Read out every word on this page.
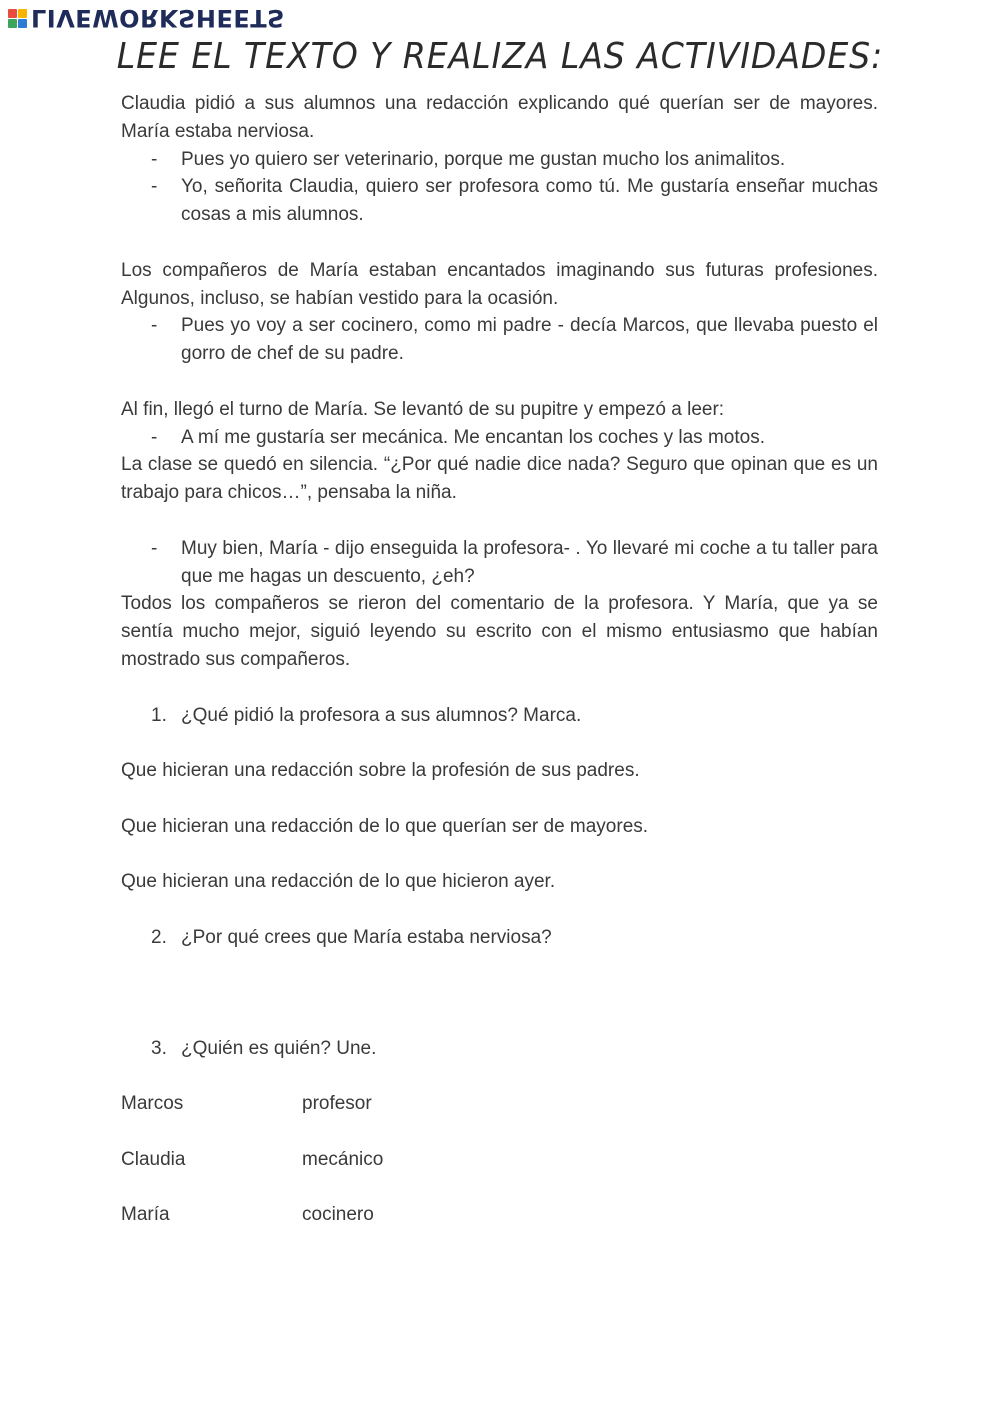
LIVEWORKSHEETS
LEE EL TEXTO Y REALIZA LAS ACTIVIDADES:

Claudia pidió a sus alumnos una redacción explicando qué querían ser de mayores. María estaba nerviosa.

- Pues yo quiero ser veterinario, porque me gustan mucho los animalitos.
- Yo, señorita Claudia, quiero ser profesora como tú. Me gustaría enseñar muchas cosas a mis alumnos.

Los compañeros de María estaban encantados imaginando sus futuras profesiones. Algunos, incluso, se habían vestido para la ocasión.

- Pues yo voy a ser cocinero, como mi padre - decía Marcos, que llevaba puesto el gorro de chef de su padre.

Al fin, llegó el turno de María. Se levantó de su pupitre y empezó a leer:

- A mí me gustaría ser mecánica. Me encantan los coches y las motos.

La clase se quedó en silencia. “¿Por qué nadie dice nada? Seguro que opinan que es un trabajo para chicos…”, pensaba la niña.

- Muy bien, María - dijo enseguida la profesora- . Yo llevaré mi coche a tu taller para que me hagas un descuento, ¿eh?

Todos los compañeros se rieron del comentario de la profesora. Y María, que ya se sentía mucho mejor, siguió leyendo su escrito con el mismo entusiasmo que habían mostrado sus compañeros.

1. ¿Qué pidió la profesora a sus alumnos? Marca.

Que hicieran una redacción sobre la profesión de sus padres.

Que hicieran una redacción de lo que querían ser de mayores.

Que hicieran una redacción de lo que hicieron ayer.

2. ¿Por qué crees que María estaba nerviosa?
3. ¿Quién es quién? Une.
Marcos	profesor
Claudia	mecánico
María	cocinero
